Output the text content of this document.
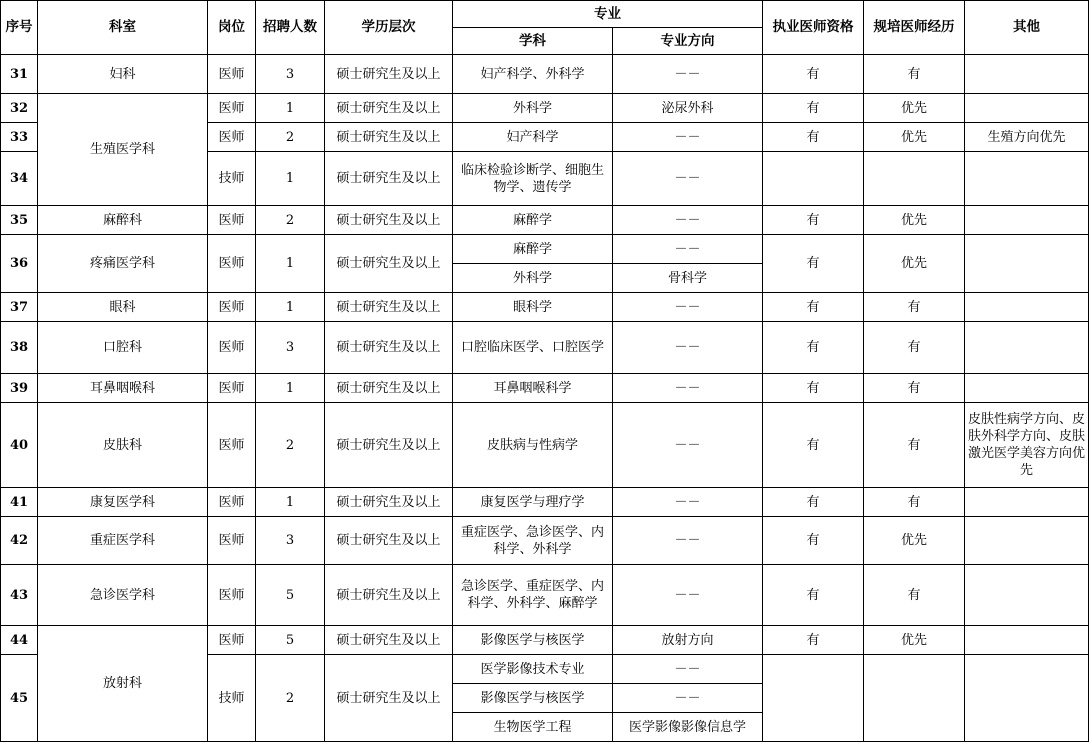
序号	科室	岗位	招聘人数	学历层次	专业		执业医师资格	规培医师经历	其他
					学科	专业方向			
31	妇科	医师	3	硕士研究生及以上	妇产科学、外科学	－－	有	有	
32	生殖医学科	医师	1	硕士研究生及以上	外科学	泌尿外科	有	优先	
33		医师	2	硕士研究生及以上	妇产科学	－－	有	优先	生殖方向优先
34		技师	1	硕士研究生及以上	临床检验诊断学、细胞生物学、遗传学	－－			
35	麻醉科	医师	2	硕士研究生及以上	麻醉学	－－	有	优先	
36	疼痛医学科	医师	1	硕士研究生及以上	麻醉学	－－	有	优先	
					外科学	骨科学			
37	眼科	医师	1	硕士研究生及以上	眼科学	－－	有	有	
38	口腔科	医师	3	硕士研究生及以上	口腔临床医学、口腔医学	－－	有	有	
39	耳鼻咽喉科	医师	1	硕士研究生及以上	耳鼻咽喉科学	－－	有	有	
40	皮肤科	医师	2	硕士研究生及以上	皮肤病与性病学	－－	有	有	皮肤性病学方向、皮肤外科学方向、皮肤激光医学美容方向优先
41	康复医学科	医师	1	硕士研究生及以上	康复医学与理疗学	－－	有	有	
42	重症医学科	医师	3	硕士研究生及以上	重症医学、急诊医学、内科学、外科学	－－	有	优先	
43	急诊医学科	医师	5	硕士研究生及以上	急诊医学、重症医学、内科学、外科学、麻醉学	－－	有	有	
44	放射科	医师	5	硕士研究生及以上	影像医学与核医学	放射方向	有	优先	
45		技师	2	硕士研究生及以上	医学影像技术专业	－－			
					影像医学与核医学	－－			
					生物医学工程	医学影像影像信息学			
